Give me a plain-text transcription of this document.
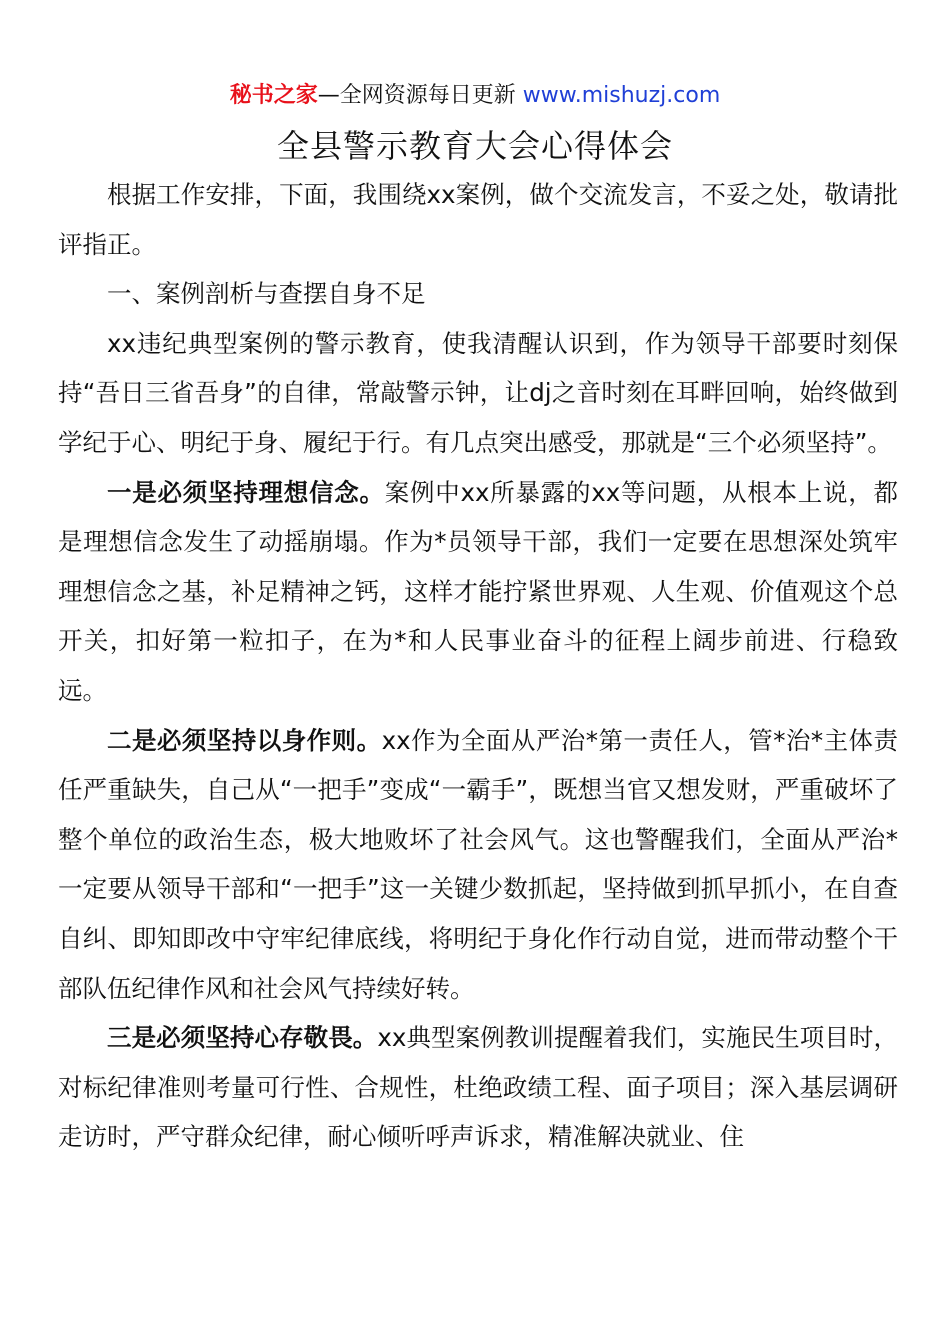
秘书之家—全网资源每日更新 www.mishuzj.com
全县警示教育大会心得体会

根据工作安排，下面，我围绕xx案例，做个交流发言，不妥之处，敬请批评指正。

一、案例剖析与查摆自身不足

xx违纪典型案例的警示教育，使我清醒认识到，作为领导干部要时刻保持“吾日三省吾身”的自律，常敲警示钟，让dj之音时刻在耳畔回响，始终做到学纪于心、明纪于身、履纪于行。有几点突出感受，那就是“三个必须坚持”。

一是必须坚持理想信念。案例中xx所暴露的xx等问题，从根本上说，都是理想信念发生了动摇崩塌。作为*员领导干部，我们一定要在思想深处筑牢理想信念之基，补足精神之钙，这样才能拧紧世界观、人生观、价值观这个总开关，扣好第一粒扣子，在为*和人民事业奋斗的征程上阔步前进、行稳致远。

二是必须坚持以身作则。xx作为全面从严治*第一责任人，管*治*主体责任严重缺失，自己从“一把手”变成“一霸手”，既想当官又想发财，严重破坏了整个单位的政治生态，极大地败坏了社会风气。这也警醒我们，全面从严治*一定要从领导干部和“一把手”这一关键少数抓起，坚持做到抓早抓小，在自查自纠、即知即改中守牢纪律底线，将明纪于身化作行动自觉，进而带动整个干部队伍纪律作风和社会风气持续好转。

三是必须坚持心存敬畏。xx典型案例教训提醒着我们，实施民生项目时，对标纪律准则考量可行性、合规性，杜绝政绩工程、面子项目；深入基层调研走访时，严守群众纪律，耐心倾听呼声诉求，精准解决就业、住
